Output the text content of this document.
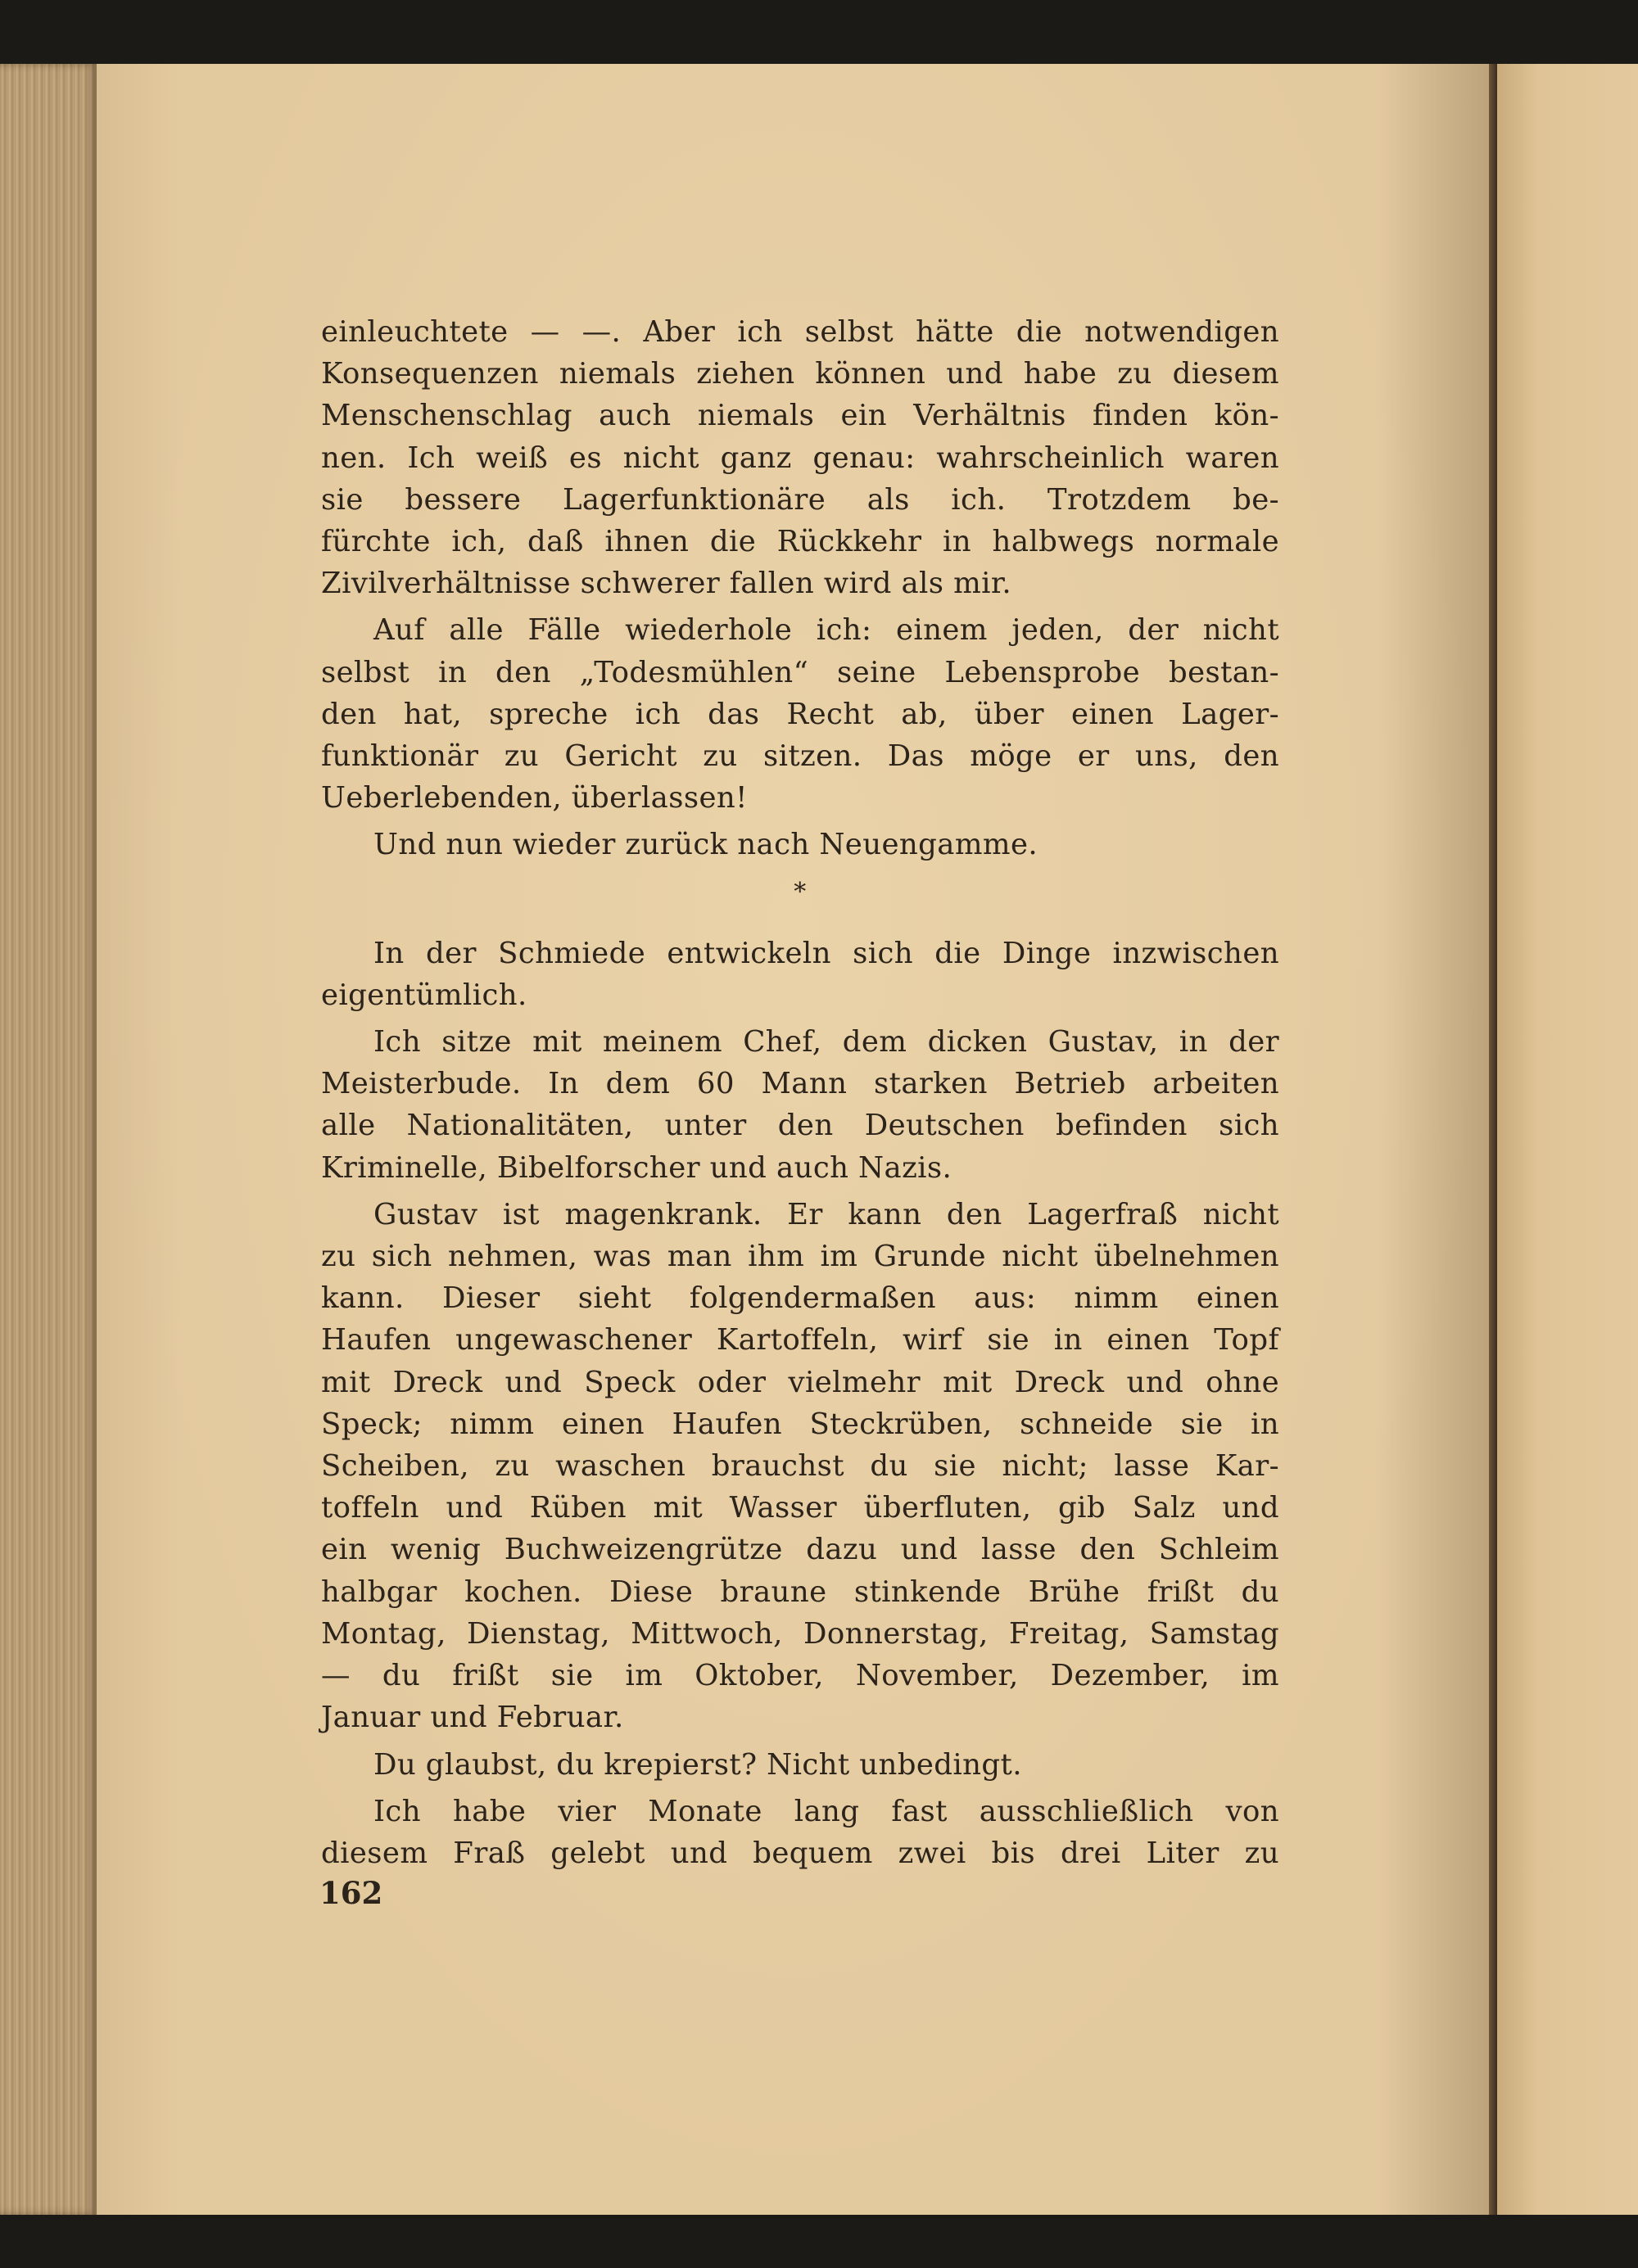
einleuchtete — —. Aber ich selbst hätte die notwendigen
Konsequenzen niemals ziehen können und habe zu diesem
Menschenschlag auch niemals ein Verhältnis finden kön-
nen. Ich weiß es nicht ganz genau: wahrscheinlich waren
sie bessere Lagerfunktionäre als ich. Trotzdem be-
fürchte ich, daß ihnen die Rückkehr in halbwegs normale
Zivilverhältnisse schwerer fallen wird als mir.
Auf alle Fälle wiederhole ich: einem jeden, der nicht
selbst in den „Todesmühlen“ seine Lebensprobe bestan-
den hat, spreche ich das Recht ab, über einen Lager-
funktionär zu Gericht zu sitzen. Das möge er uns, den
Ueberlebenden, überlassen!
Und nun wieder zurück nach Neuengamme.
*
In der Schmiede entwickeln sich die Dinge inzwischen
eigentümlich.
Ich sitze mit meinem Chef, dem dicken Gustav, in der
Meisterbude. In dem 60 Mann starken Betrieb arbeiten
alle Nationalitäten, unter den Deutschen befinden sich
Kriminelle, Bibelforscher und auch Nazis.
Gustav ist magenkrank. Er kann den Lagerfraß nicht
zu sich nehmen, was man ihm im Grunde nicht übelnehmen
kann. Dieser sieht folgendermaßen aus: nimm einen
Haufen ungewaschener Kartoffeln, wirf sie in einen Topf
mit Dreck und Speck oder vielmehr mit Dreck und ohne
Speck; nimm einen Haufen Steckrüben, schneide sie in
Scheiben, zu waschen brauchst du sie nicht; lasse Kar-
toffeln und Rüben mit Wasser überfluten, gib Salz und
ein wenig Buchweizengrütze dazu und lasse den Schleim
halbgar kochen. Diese braune stinkende Brühe frißt du
Montag, Dienstag, Mittwoch, Donnerstag, Freitag, Samstag
— du frißt sie im Oktober, November, Dezember, im
Januar und Februar.
Du glaubst, du krepierst? Nicht unbedingt.
Ich habe vier Monate lang fast ausschließlich von
diesem Fraß gelebt und bequem zwei bis drei Liter zu
162
